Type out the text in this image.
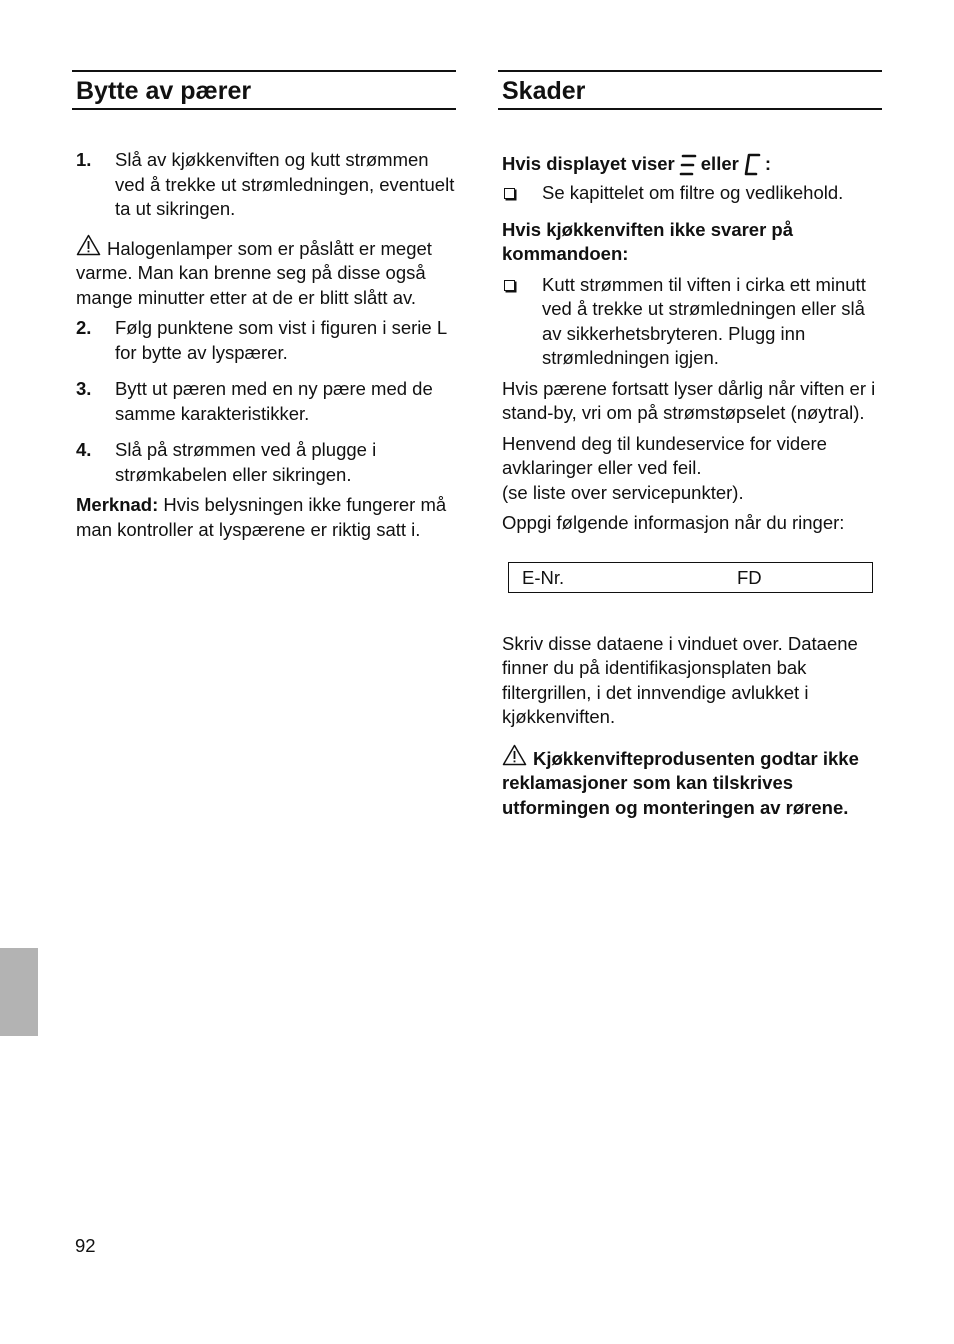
Bytte av pærer
1. Slå av kjøkkenviften og kutt strømmen ved å trekke ut strømledningen, eventuelt ta ut sikringen.

Halogenlamper som er påslått er meget varme. Man kan brenne seg på disse også mange minutter etter at de er blitt slått av.

2. Følg punktene som vist i figuren i serie L for bytte av lyspærer.

3. Bytt ut pæren med en ny pære med de samme karakteristikker.

4. Slå på strømmen ved å plugge i strømkabelen eller sikringen.

Merknad: Hvis belysningen ikke fungerer må man kontroller at lyspærene er riktig satt i.

Skader

Hvis displayet viser eller :

Se kapittelet om filtre og vedlikehold.

Hvis kjøkkenviften ikke svarer på kommandoen:

Kutt strømmen til viften i cirka ett minutt ved å trekke ut strømledningen eller slå av sikkerhetsbryteren. Plugg inn strømledningen igjen.

Hvis pærene fortsatt lyser dårlig når viften er i stand-by, vri om på strømstøpselet (nøytral).

Henvend deg til kundeservice for videre avklaringer eller ved feil.
(se liste over servicepunkter).

Oppgi følgende informasjon når du ringer:

E-Nr.	FD

Skriv disse dataene i vinduet over. Dataene finner du på identifikasjonsplaten bak filtergrillen, i det innvendige avlukket i kjøkkenviften.

Kjøkkenvifteprodusenten godtar ikke reklamasjoner som kan tilskrives utformingen og monteringen av rørene.

92
